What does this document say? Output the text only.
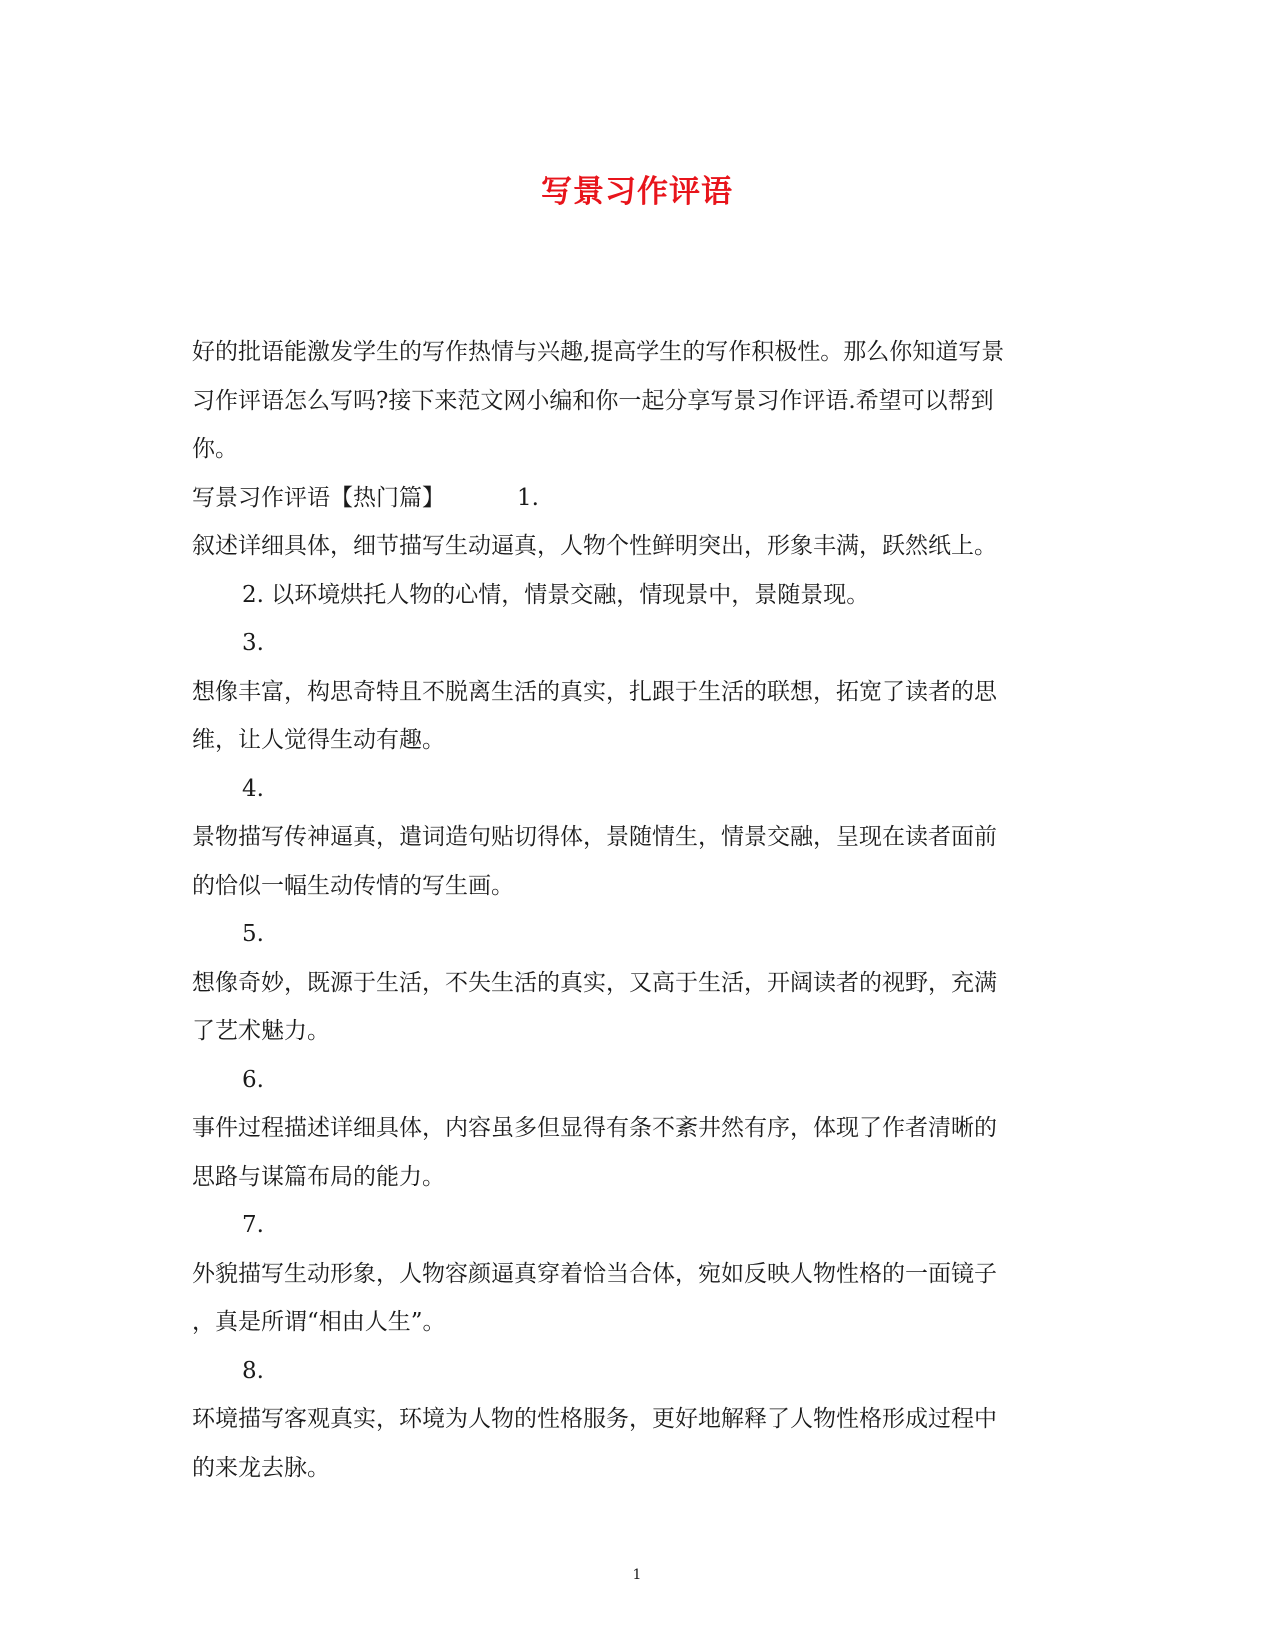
写景习作评语

好的批语能激发学生的写作热情与兴趣,提高学生的写作积极性。那么你知道写景

习作评语怎么写吗?接下来范文网小编和你一起分享写景习作评语.希望可以帮到

你。

写景习作评语【热门篇】	1.

叙述详细具体，细节描写生动逼真，人物个性鲜明突出，形象丰满，跃然纸上。

2. 以环境烘托人物的心情，情景交融，情现景中，景随景现。

3.

想像丰富，构思奇特且不脱离生活的真实，扎跟于生活的联想，拓宽了读者的思

维，让人觉得生动有趣。

4.

景物描写传神逼真，遣词造句贴切得体，景随情生，情景交融，呈现在读者面前

的恰似一幅生动传情的写生画。

5.

想像奇妙，既源于生活，不失生活的真实，又高于生活，开阔读者的视野，充满

了艺术魅力。

6.

事件过程描述详细具体，内容虽多但显得有条不紊井然有序，体现了作者清晰的

思路与谋篇布局的能力。

7.

外貌描写生动形象，人物容颜逼真穿着恰当合体，宛如反映人物性格的一面镜子

，真是所谓“相由人生”。

8.

环境描写客观真实，环境为人物的性格服务，更好地解释了人物性格形成过程中

的来龙去脉。

1
